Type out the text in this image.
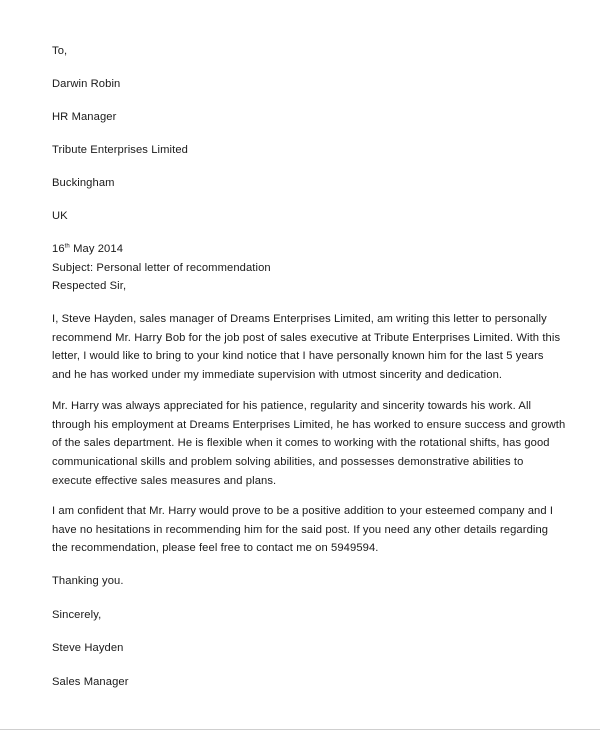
To,
Darwin Robin
HR Manager
Tribute Enterprises Limited
Buckingham
UK
16th May 2014
Subject: Personal letter of recommendation
Respected Sir,
I, Steve Hayden, sales manager of Dreams Enterprises Limited, am writing this letter to personally
recommend Mr. Harry Bob for the job post of sales executive at Tribute Enterprises Limited. With this
letter, I would like to bring to your kind notice that I have personally known him for the last 5 years
and he has worked under my immediate supervision with utmost sincerity and dedication.
Mr. Harry was always appreciated for his patience, regularity and sincerity towards his work. All
through his employment at Dreams Enterprises Limited, he has worked to ensure success and growth
of the sales department. He is flexible when it comes to working with the rotational shifts, has good
communicational skills and problem solving abilities, and possesses demonstrative abilities to
execute effective sales measures and plans.
I am confident that Mr. Harry would prove to be a positive addition to your esteemed company and I
have no hesitations in recommending him for the said post. If you need any other details regarding
the recommendation, please feel free to contact me on 5949594.
Thanking you.
Sincerely,
Steve Hayden
Sales Manager
